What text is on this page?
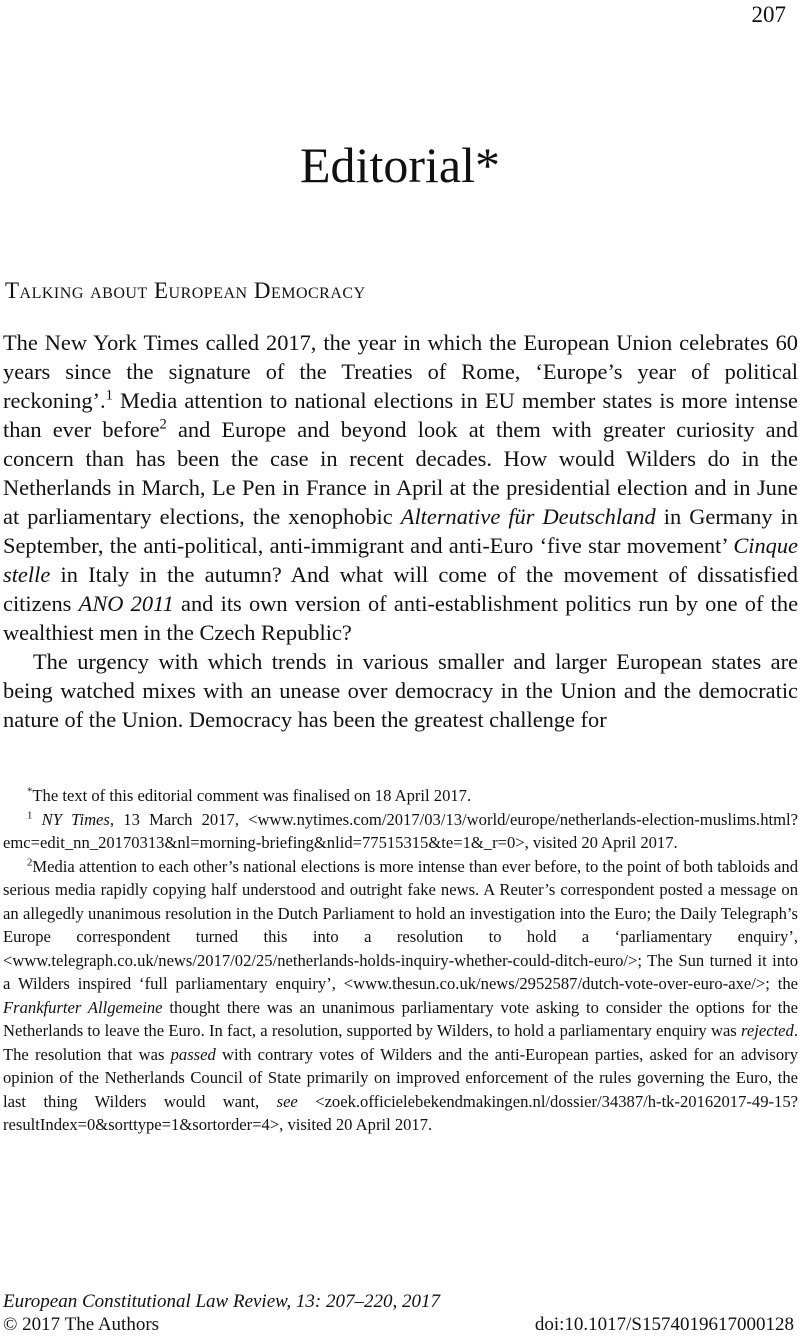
207
Editorial*
Talking about European Democracy

The New York Times called 2017, the year in which the European Union celebrates 60 years since the signature of the Treaties of Rome, ‘Europe’s year of political reckoning’.$^1$ Media attention to national elections in EU member states is more intense than ever before$^2$ and Europe and beyond look at them with greater curiosity and concern than has been the case in recent decades. How would Wilders do in the Netherlands in March, Le Pen in France in April at the presidential election and in June at parliamentary elections, the xenophobic Alternative für Deutschland in Germany in September, the anti-political, anti-immigrant and anti-Euro ‘five star movement’ Cinque stelle in Italy in the autumn? And what will come of the movement of dissatisfied citizens ANO 2011 and its own version of anti-establishment politics run by one of the wealthiest men in the Czech Republic?

The urgency with which trends in various smaller and larger European states are being watched mixes with an unease over democracy in the Union and the democratic nature of the Union. Democracy has been the greatest challenge for

*The text of this editorial comment was finalised on 18 April 2017.

$^1$ NY Times, 13 March 2017, <www.nytimes.com/2017/03/13/world/europe/netherlands-election-muslims.html?emc=edit_nn_20170313&nl=morning-briefing&nlid=77515315&te=1&_r=0>, visited 20 April 2017.

$^2$Media attention to each other’s national elections is more intense than ever before, to the point of both tabloids and serious media rapidly copying half understood and outright fake news. A Reuter’s correspondent posted a message on an allegedly unanimous resolution in the Dutch Parliament to hold an investigation into the Euro; the Daily Telegraph’s Europe correspondent turned this into a resolution to hold a ‘parliamentary enquiry’, <www.telegraph.co.uk/news/2017/02/25/netherlands-holds-inquiry-whether-could-ditch-euro/>; The Sun turned it into a Wilders inspired ‘full parliamentary enquiry’, <www.thesun.co.uk/news/2952587/dutch-vote-over-euro-axe/>; the Frankfurter Allgemeine thought there was an unanimous parliamentary vote asking to consider the options for the Netherlands to leave the Euro. In fact, a resolution, supported by Wilders, to hold a parliamentary enquiry was rejected. The resolution that was passed with contrary votes of Wilders and the anti-European parties, asked for an advisory opinion of the Netherlands Council of State primarily on improved enforcement of the rules governing the Euro, the last thing Wilders would want, see <zoek.officielebekendmakingen.nl/dossier/34387/h-tk-20162017-49-15?resultIndex=0&sorttype=1&sortorder=4>, visited 20 April 2017.

European Constitutional Law Review, 13: 207–220, 2017
© 2017 The Authors	doi:10.1017/S1574019617000128
